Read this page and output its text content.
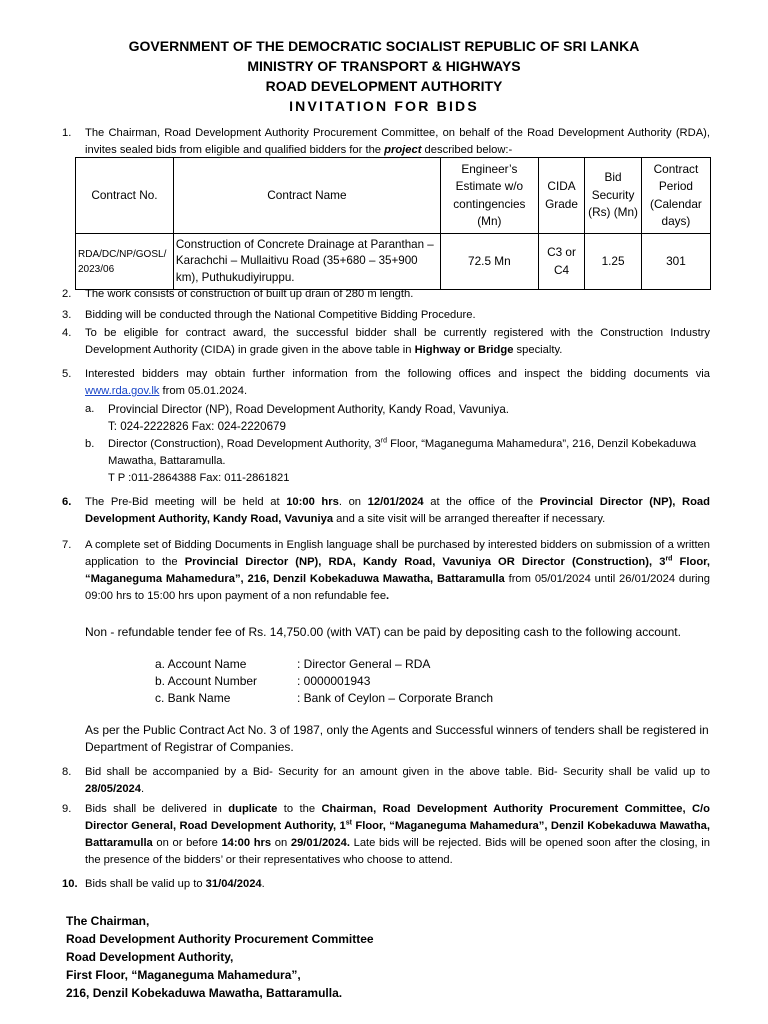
GOVERNMENT OF THE DEMOCRATIC SOCIALIST REPUBLIC OF SRI LANKA
MINISTRY OF TRANSPORT & HIGHWAYS
ROAD DEVELOPMENT AUTHORITY
INVITATION FOR BIDS
1.	The Chairman, Road Development Authority Procurement Committee, on behalf of the Road Development Authority (RDA), invites sealed bids from eligible and qualified bidders for the project described below:-
Contract No.	Contract Name	Engineer’s Estimate w/o contingencies (Mn)	CIDA Grade	Bid Security (Rs) (Mn)	Contract Period (Calendar days)
RDA/DC/NP/GOSL/2023/06	Construction of Concrete Drainage at Paranthan – Karachchi – Mullaitivu Road (35+680 – 35+900 km), Puthukudiyiruppu.	72.5 Mn	C3 or C4	1.25	301
2.	The work consists of construction of built up drain of 280 m length.
3.	Bidding will be conducted through the National Competitive Bidding Procedure.
4.	To be eligible for contract award, the successful bidder shall be currently registered with the Construction Industry Development Authority (CIDA) in grade given in the above table in Highway or Bridge specialty.
5.	Interested bidders may obtain further information from the following offices and inspect the bidding documents via www.rda.gov.lk from 05.01.2024.
a. Provincial Director (NP), Road Development Authority, Kandy Road, Vavuniya.
T: 024-2222826 Fax: 024-2220679
b. Director (Construction), Road Development Authority, 3rd Floor, “Maganeguma Mahamedura”, 216, Denzil Kobekaduwa Mawatha, Battaramulla.
T P :011-2864388 Fax: 011-2861821
6.	The Pre-Bid meeting will be held at 10:00 hrs. on 12/01/2024 at the office of the Provincial Director (NP), Road Development Authority, Kandy Road, Vavuniya and a site visit will be arranged thereafter if necessary.
7.	A complete set of Bidding Documents in English language shall be purchased by interested bidders on submission of a written application to the Provincial Director (NP), RDA, Kandy Road, Vavuniya OR Director (Construction), 3rd Floor, “Maganeguma Mahamedura”, 216, Denzil Kobekaduwa Mawatha, Battaramulla from 05/01/2024 until 26/01/2024 during 09:00 hrs to 15:00 hrs upon payment of a non refundable fee.
Non - refundable tender fee of Rs. 14,750.00 (with VAT) can be paid by depositing cash to the following account.
a. Account Name	: Director General – RDA
b. Account Number	: 0000001943
c. Bank Name	: Bank of Ceylon – Corporate Branch
As per the Public Contract Act No. 3 of 1987, only the Agents and Successful winners of tenders shall be registered in Department of Registrar of Companies.
8.	Bid shall be accompanied by a Bid- Security for an amount given in the above table. Bid- Security shall be valid up to 28/05/2024.
9.	Bids shall be delivered in duplicate to the Chairman, Road Development Authority Procurement Committee, C/o Director General, Road Development Authority, 1st Floor, “Maganeguma Mahamedura”, Denzil Kobekaduwa Mawatha, Battaramulla on or before 14:00 hrs on 29/01/2024. Late bids will be rejected. Bids will be opened soon after the closing, in the presence of the bidders’ or their representatives who choose to attend.
10. Bids shall be valid up to 31/04/2024.
The Chairman,
Road Development Authority Procurement Committee
Road Development Authority,
First Floor, “Maganeguma Mahamedura”,
216, Denzil Kobekaduwa Mawatha, Battaramulla.
